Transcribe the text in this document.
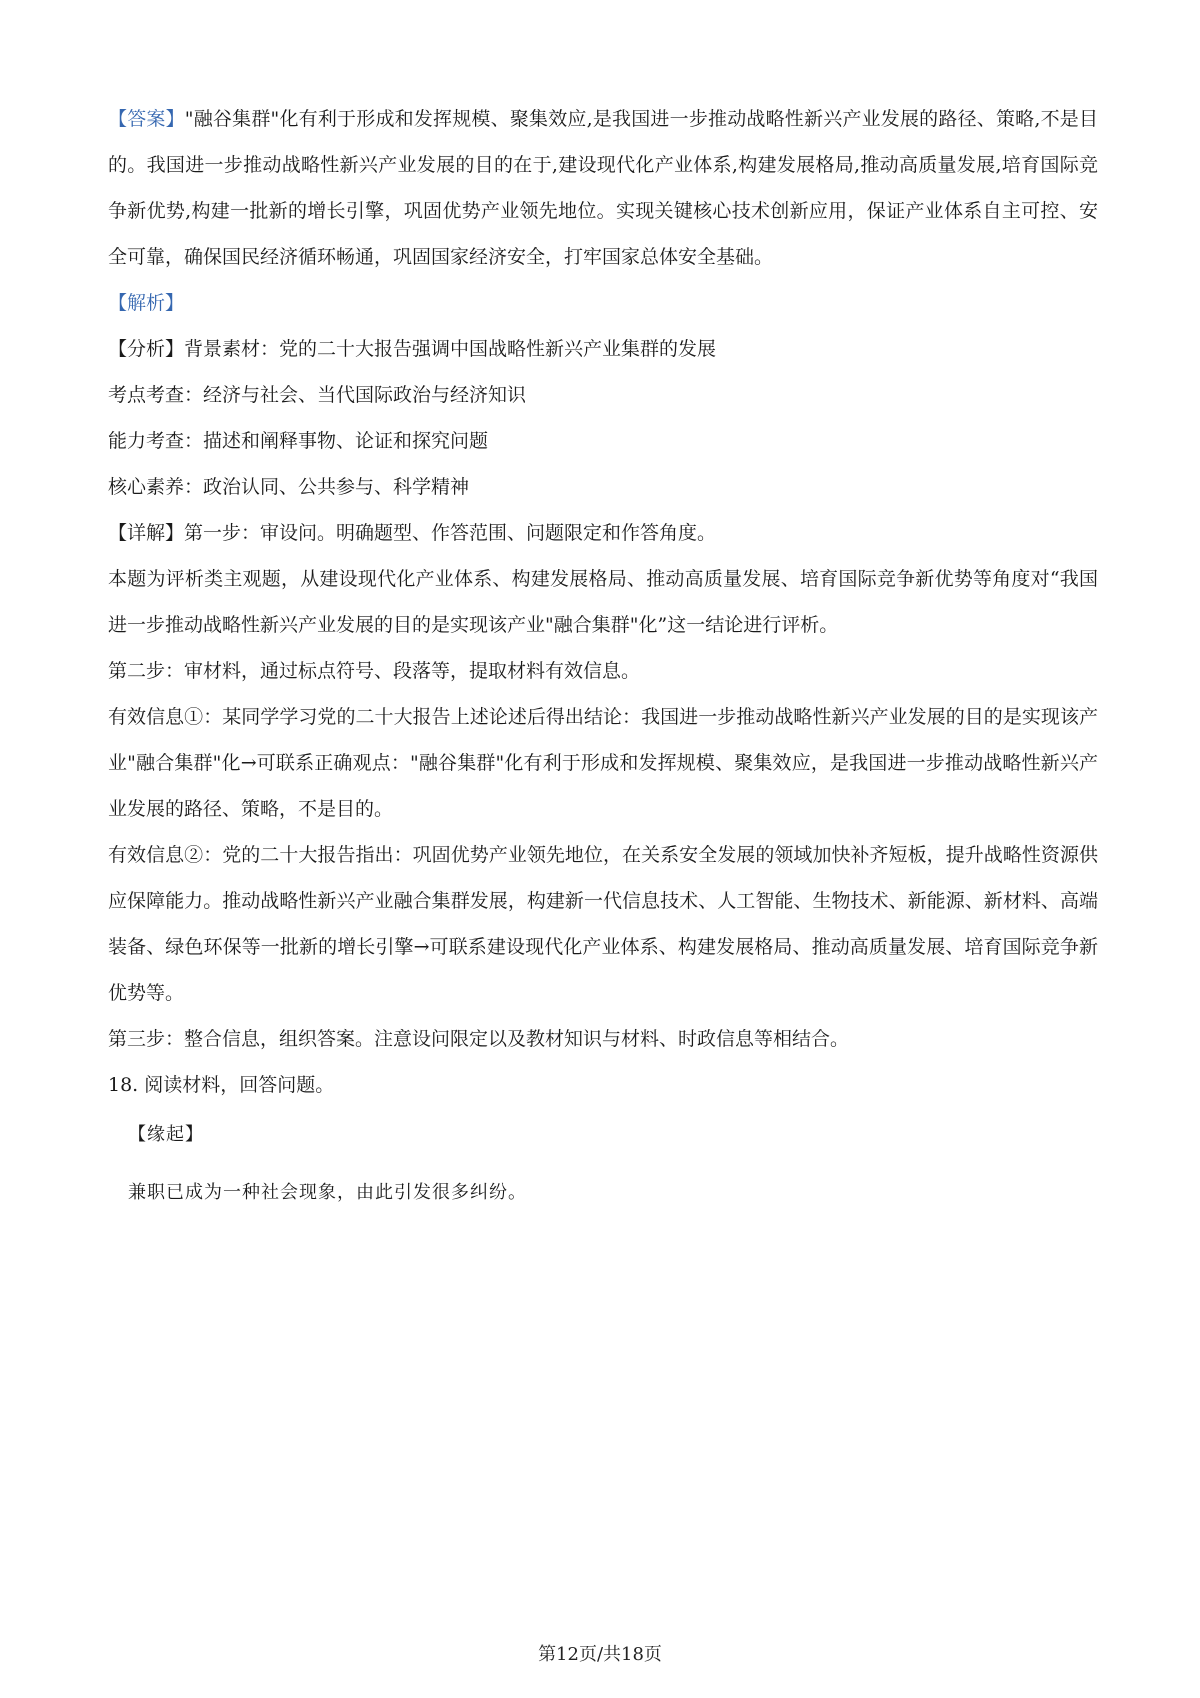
【答案】"融谷集群"化有利于形成和发挥规模、聚集效应,是我国进一步推动战略性新兴产业发展的路径、策略,不是目的。我国进一步推动战略性新兴产业发展的目的在于,建设现代化产业体系,构建发展格局,推动高质量发展,培育国际竞争新优势,构建一批新的增长引擎，巩固优势产业领先地位。实现关键核心技术创新应用，保证产业体系自主可控、安全可靠，确保国民经济循环畅通，巩固国家经济安全，打牢国家总体安全基础。

【解析】

【分析】背景素材：党的二十大报告强调中国战略性新兴产业集群的发展

考点考查：经济与社会、当代国际政治与经济知识

能力考查：描述和阐释事物、论证和探究问题

核心素养：政治认同、公共参与、科学精神

【详解】第一步：审设问。明确题型、作答范围、问题限定和作答角度。

本题为评析类主观题，从建设现代化产业体系、构建发展格局、推动高质量发展、培育国际竞争新优势等角度对“我国进一步推动战略性新兴产业发展的目的是实现该产业"融合集群"化”这一结论进行评析。

第二步：审材料，通过标点符号、段落等，提取材料有效信息。

有效信息①：某同学学习党的二十大报告上述论述后得出结论：我国进一步推动战略性新兴产业发展的目的是实现该产业"融合集群"化→可联系正确观点："融谷集群"化有利于形成和发挥规模、聚集效应，是我国进一步推动战略性新兴产业发展的路径、策略，不是目的。

有效信息②：党的二十大报告指出：巩固优势产业领先地位，在关系安全发展的领域加快补齐短板，提升战略性资源供应保障能力。推动战略性新兴产业融合集群发展，构建新一代信息技术、人工智能、生物技术、新能源、新材料、高端装备、绿色环保等一批新的增长引擎→可联系建设现代化产业体系、构建发展格局、推动高质量发展、培育国际竞争新优势等。

第三步：整合信息，组织答案。注意设问限定以及教材知识与材料、时政信息等相结合。

18. 阅读材料，回答问题。

【缘起】

兼职已成为一种社会现象，由此引发很多纠纷。

第12页/共18页
